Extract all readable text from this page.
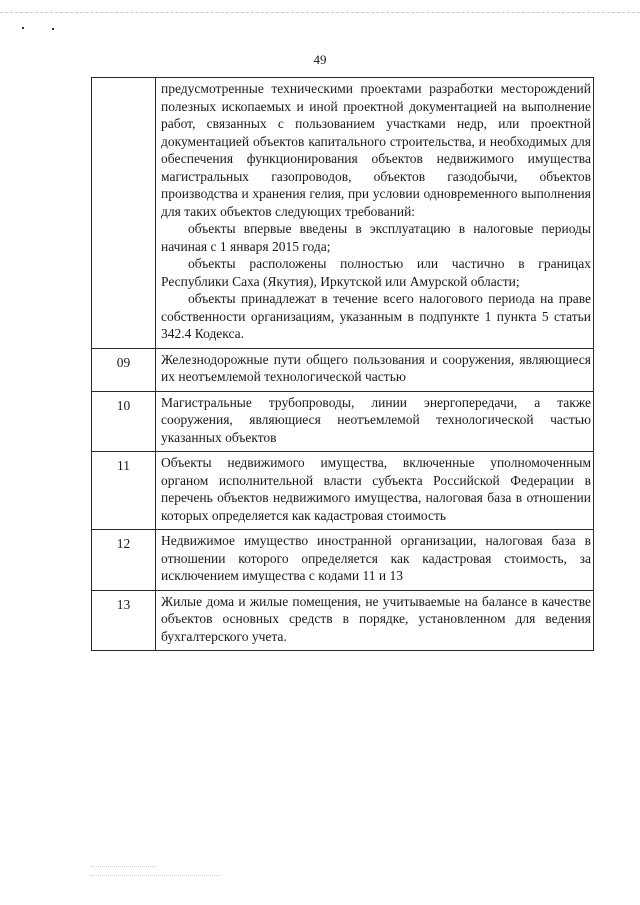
49

	предусмотренные техническими проектами разработки месторождений полезных ископаемых и иной проектной документацией на выполнение работ, связанных с пользованием участками недр, или проектной документацией объектов капитального строительства, и необходимых для обеспечения функционирования объектов недвижимого имущества магистральных газопроводов, объектов газодобычи, объектов производства и хранения гелия, при условии одновременного выполнения для таких объектов следующих требований:

объекты впервые введены в эксплуатацию в налоговые периоды начиная с 1 января 2015 года;

объекты расположены полностью или частично в границах Республики Саха (Якутия), Иркутской или Амурской области;

объекты принадлежат в течение всего налогового периода на праве собственности организациям, указанным в подпункте 1 пункта 5 статьи 342.4 Кодекса.

09	Железнодорожные пути общего пользования и сооружения, являющиеся их неотъемлемой технологической частью

10	Магистральные трубопроводы, линии энергопередачи, а также сооружения, являющиеся неотъемлемой технологической частью указанных объектов

11	Объекты недвижимого имущества, включенные уполномоченным органом исполнительной власти субъекта Российской Федерации в перечень объектов недвижимого имущества, налоговая база в отношении которых определяется как кадастровая стоимость

12	Недвижимое имущество иностранной организации, налоговая база в отношении которого определяется как кадастровая стоимость, за исключением имущества с кодами 11 и 13

13	Жилые дома и жилые помещения, не учитываемые на балансе в качестве объектов основных средств в порядке, установленном для ведения бухгалтерского учета.
